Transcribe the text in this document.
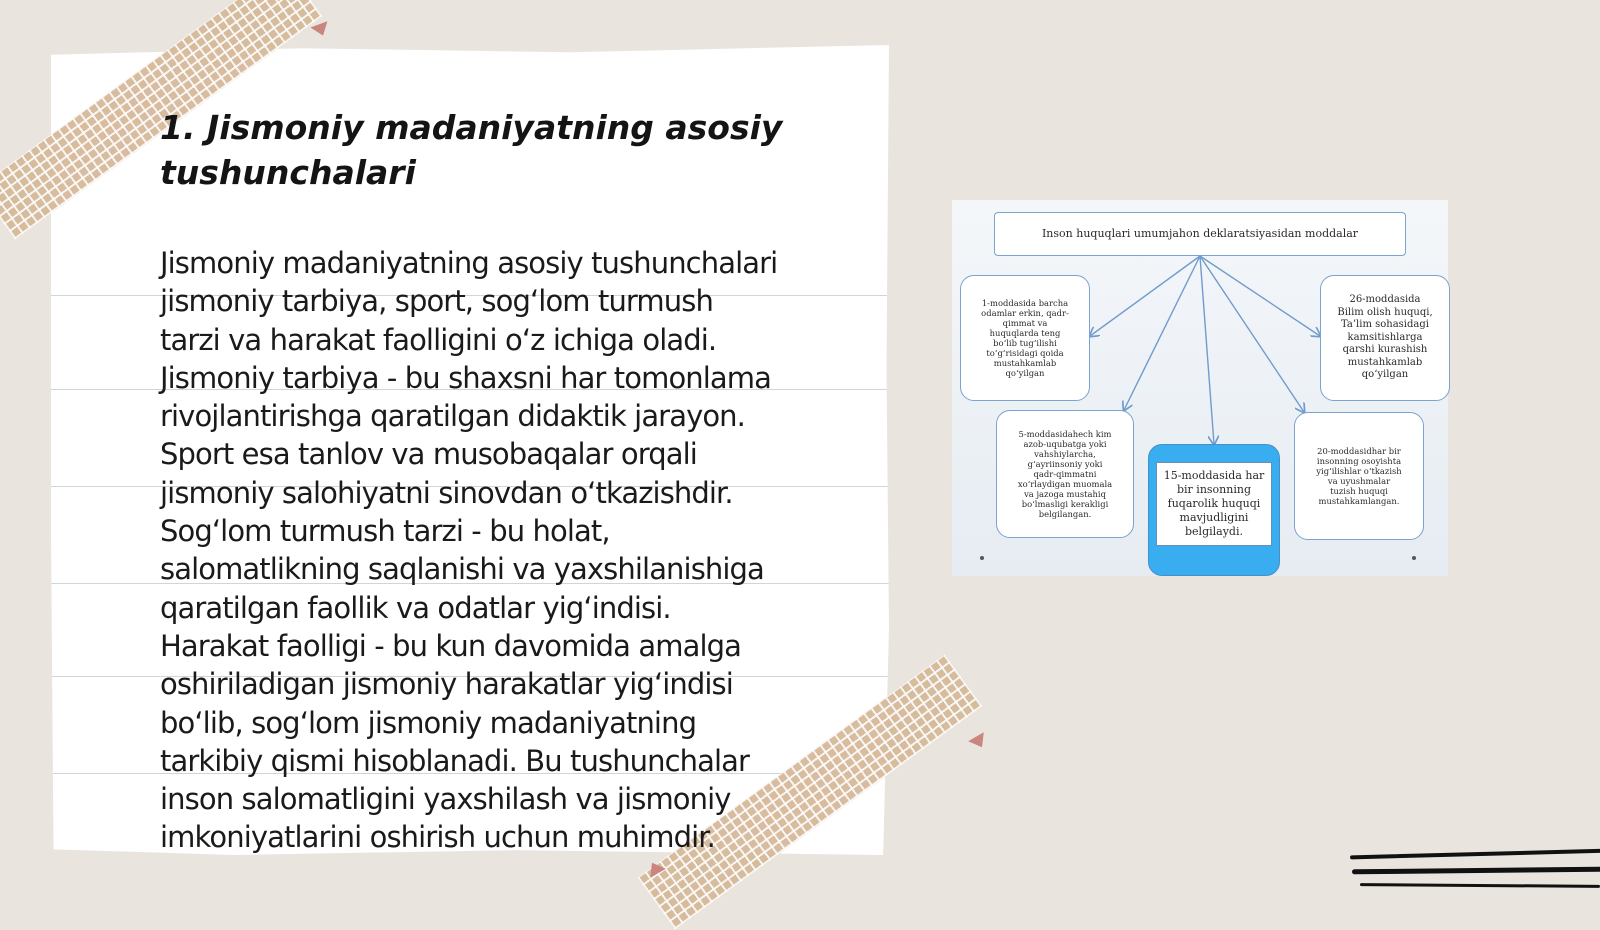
1. Jismoniy madaniyatning asosiy tushunchalari

Jismoniy madaniyatning asosiy tushunchalari
jismoniy tarbiya, sport, sog‘lom turmush
tarzi va harakat faolligini o‘z ichiga oladi.
Jismoniy tarbiya - bu shaxsni har tomonlama
rivojlantirishga qaratilgan didaktik jarayon.
Sport esa tanlov va musobaqalar orqali
jismoniy salohiyatni sinovdan o‘tkazishdir.
Sog‘lom turmush tarzi - bu holat,
salomatlikning saqlanishi va yaxshilanishiga
qaratilgan faollik va odatlar yig‘indisi.
Harakat faolligi - bu kun davomida amalga
oshiriladigan jismoniy harakatlar yig‘indisi
bo‘lib, sog‘lom jismoniy madaniyatning
tarkibiy qismi hisoblanadi. Bu tushunchalar
inson salomatligini yaxshilash va jismoniy
imkoniyatlarini oshirish uchun muhimdir.

Inson huquqlari umumjahon deklaratsiyasidan moddalar
1-moddasida barcha
odamlar erkin, qadr-
qimmat va
huquqlarda teng
bo‘lib tug‘ilishi
to‘g‘risidagi qoida
mustahkamlab
qo‘yilgan
26-moddasida
Bilim olish huquqi,
Ta’lim sohasidagi
kamsitishlarga
qarshi kurashish
mustahkamlab
qo‘yilgan
5-moddasidahech kim
azob-uqubatga yoki
vahshiylarcha,
g‘ayriinsoniy yoki
qadr-qimmatni
xo‘rlaydigan muomala
va jazoga mustahiq
bo‘lmasligi kerakligi
belgilangan.
15-moddasida har
bir insonning
fuqarolik huquqi
mavjudligini
belgilaydi.
20-moddasidhar bir
insonning osoyishta
yig‘ilishlar o‘tkazish
va uyushmalar
tuzish huquqi
mustahkamlangan.
